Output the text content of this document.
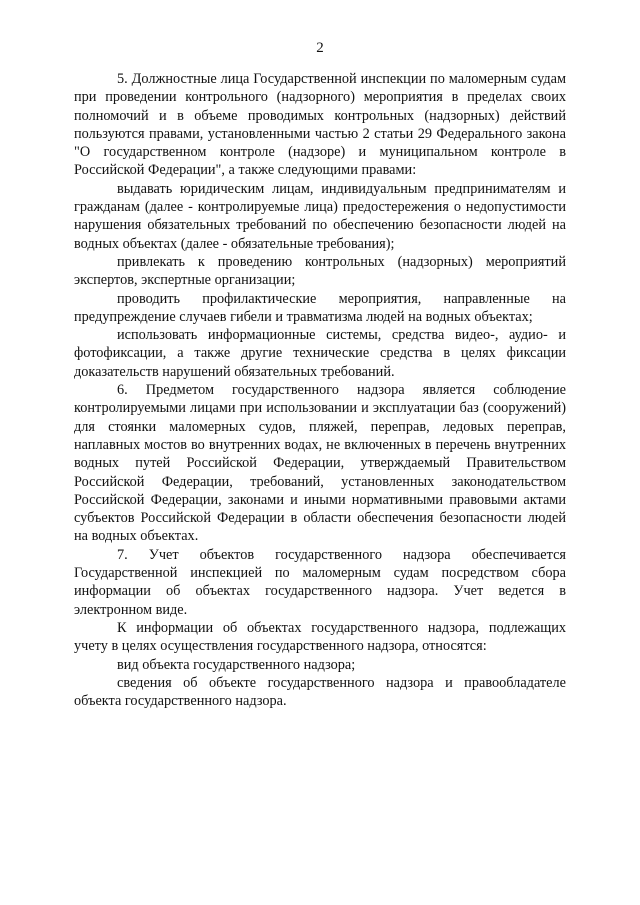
2

5. Должностные лица Государственной инспекции по маломерным судам при проведении контрольного (надзорного) мероприятия в пределах своих полномочий и в объеме проводимых контрольных (надзорных) действий пользуются правами, установленными частью 2 статьи 29 Федерального закона "О государственном контроле (надзоре) и муниципальном контроле в Российской Федерации", а также следующими правами:

выдавать юридическим лицам, индивидуальным предпринимателям и гражданам (далее - контролируемые лица) предостережения о недопустимости нарушения обязательных требований по обеспечению безопасности людей на водных объектах (далее - обязательные требования);

привлекать к проведению контрольных (надзорных) мероприятий экспертов, экспертные организации;

проводить профилактические мероприятия, направленные на предупреждение случаев гибели и травматизма людей на водных объектах;

использовать информационные системы, средства видео-, аудио- и фотофиксации, а также другие технические средства в целях фиксации доказательств нарушений обязательных требований.

6. Предметом государственного надзора является соблюдение контролируемыми лицами при использовании и эксплуатации баз (сооружений) для стоянки маломерных судов, пляжей, переправ, ледовых переправ, наплавных мостов во внутренних водах, не включенных в перечень внутренних водных путей Российской Федерации, утверждаемый Правительством Российской Федерации, требований, установленных законодательством Российской Федерации, законами и иными нормативными правовыми актами субъектов Российской Федерации в области обеспечения безопасности людей на водных объектах.

7. Учет объектов государственного надзора обеспечивается Государственной инспекцией по маломерным судам посредством сбора информации об объектах государственного надзора. Учет ведется в электронном виде.

К информации об объектах государственного надзора, подлежащих учету в целях осуществления государственного надзора, относятся:

вид объекта государственного надзора;

сведения об объекте государственного надзора и правообладателе объекта государственного надзора.
